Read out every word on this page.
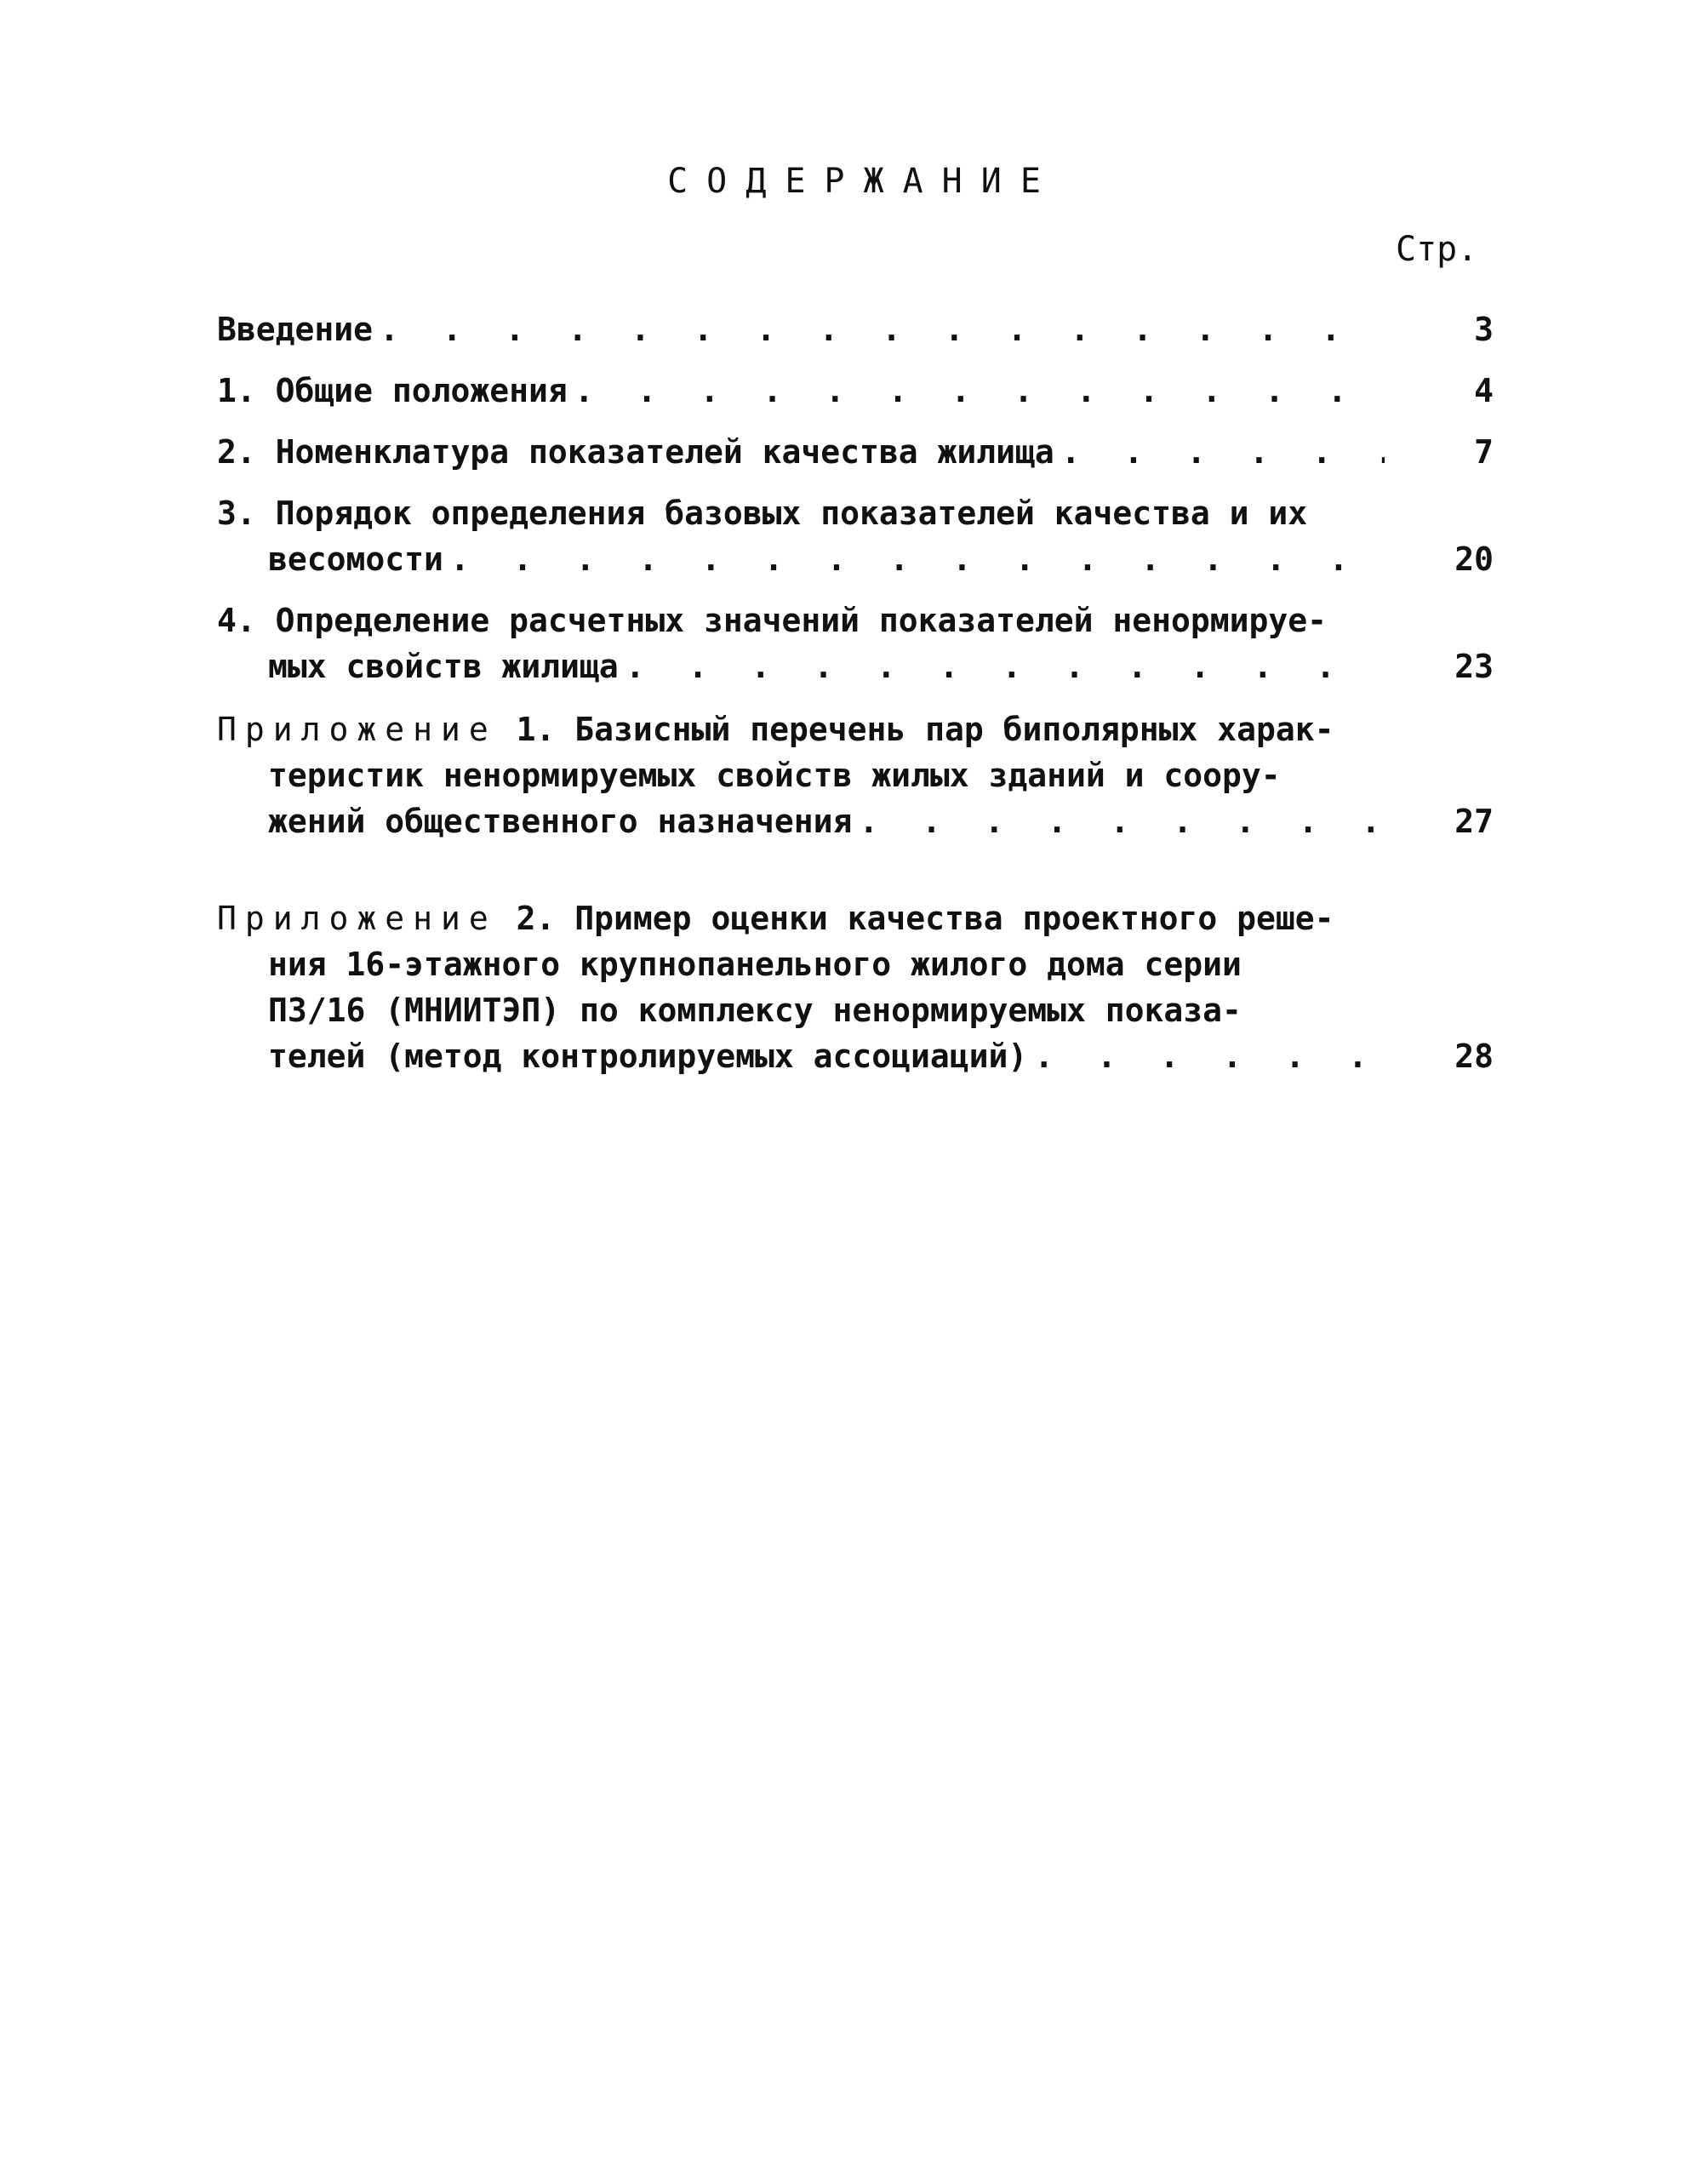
СОДЕРЖАНИЕ
Стр.
Введение . . .	3
1. Общие положения . . .	4
2. Номенклатура показателей качества жилища . . .	7
3. Порядок определения базовых показателей качества и их
весомости . . .	20
4. Определение расчетных значений показателей ненормируе-
мых свойств жилища . . .	23
Приложение 1. Базисный перечень пар биполярных харак-
теристик ненормируемых свойств жилых зданий и соору-
жений общественного назначения . . .	27
Приложение 2. Пример оценки качества проектного реше-
ния 16-этажного крупнопанельного жилого дома серии
П3/16 (МНИИТЭП) по комплексу ненормируемых показа-
телей (метод контролируемых ассоциаций) . . .	28
